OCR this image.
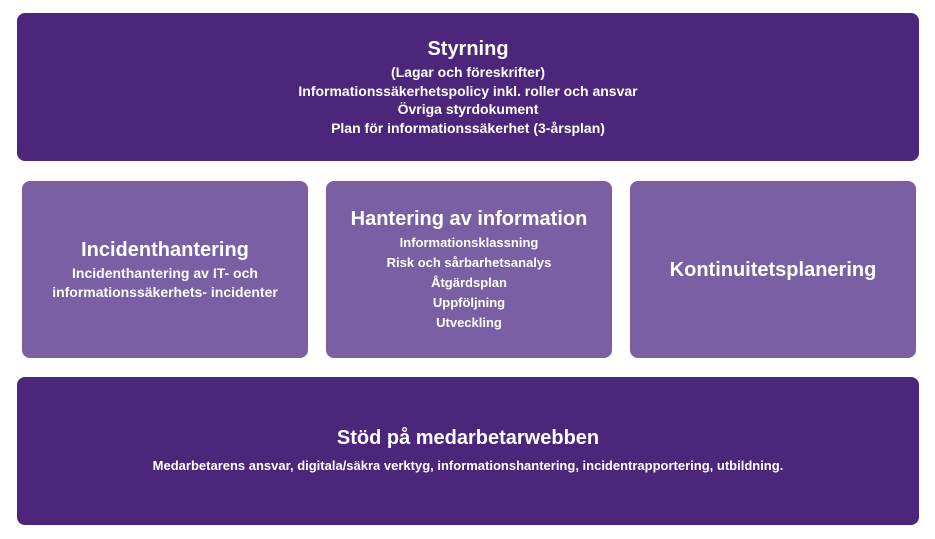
Styrning
(Lagar och föreskrifter)
Informationssäkerhetspolicy inkl. roller och ansvar
Övriga styrdokument
Plan för informationssäkerhet (3-årsplan)
Incidenthantering
Incidenthantering av IT- och
informationssäkerhets- incidenter
Hantering av information
Informationsklassning
Risk och sårbarhetsanalys
Åtgärdsplan
Uppföljning
Utveckling
Kontinuitetsplanering
Stöd på medarbetarwebben
Medarbetarens ansvar, digitala/säkra verktyg, informationshantering, incidentrapportering, utbildning.
